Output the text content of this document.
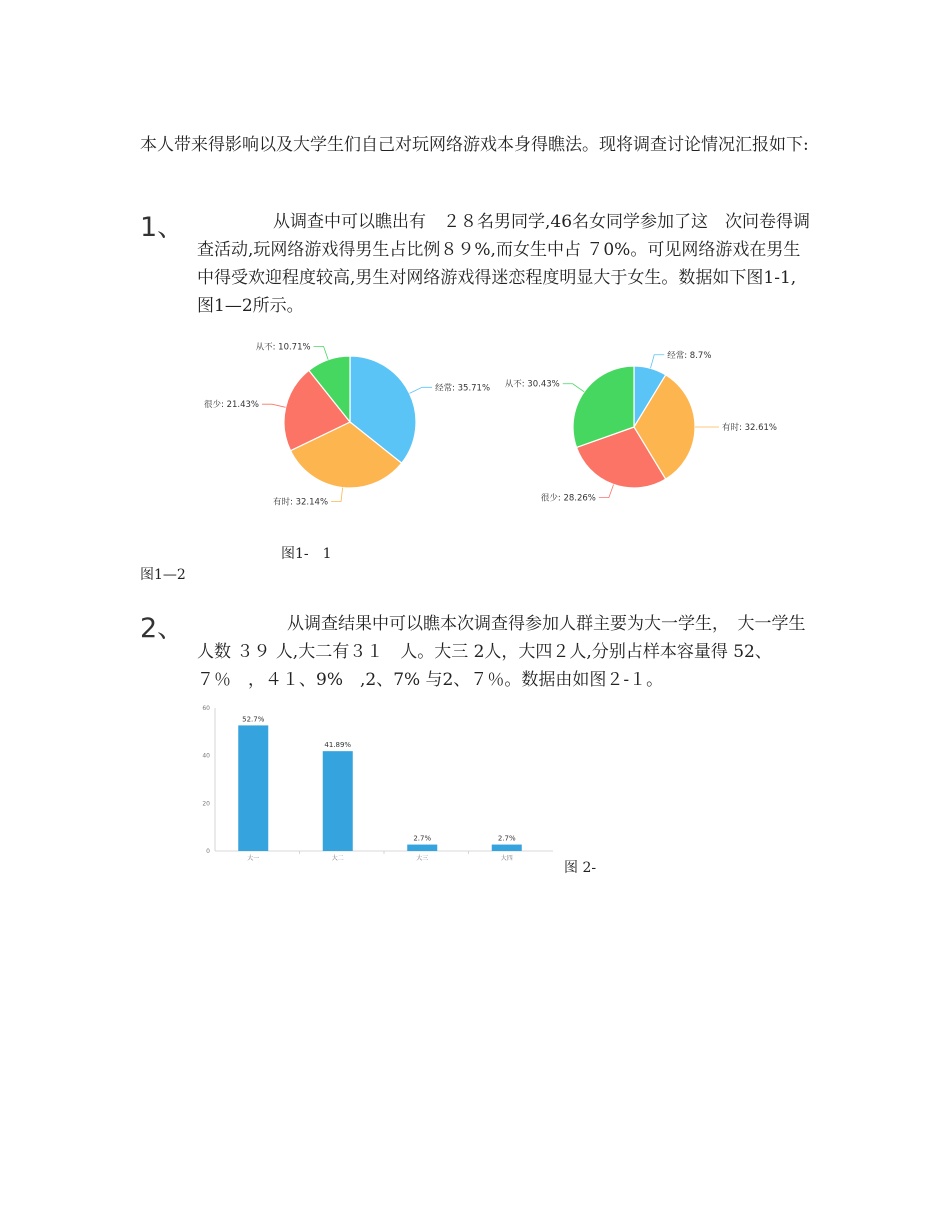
本人带来得影响以及大学生们自己对玩网络游戏本身得瞧法。现将调查讨论情况汇报如下:

1、	从调查中可以瞧出有　２８名男同学,46名女同学参加了这　次问卷得调查活动,玩网络游戏得男生占比例８９%,而女生中占 ７0%。可见网络游戏在男生中得受欢迎程度较高,男生对网络游戏得迷恋程度明显大于女生。数据如下图1-1,图1—2所示。

经常: 35.71%
有时: 32.14%
很少: 21.43%
从不: 10.71%
经常: 8.7%
有时: 32.61%
很少: 28.26%
从不: 30.43%
图1-　1
图1—2
2、	从调查结果中可以瞧本次调查得参加人群主要为大一学生，　大一学生人数 ３９ 人,大二有３１　人。大三 2人，大四２人,分别占样本容量得 52、７％　，４１、9%　,2、7% 与2、７％。数据由如图２-１。

0
20
40
60
52.7%
大一
41.89%
大二
2.7%
大三
2.7%
大四
图 2-
